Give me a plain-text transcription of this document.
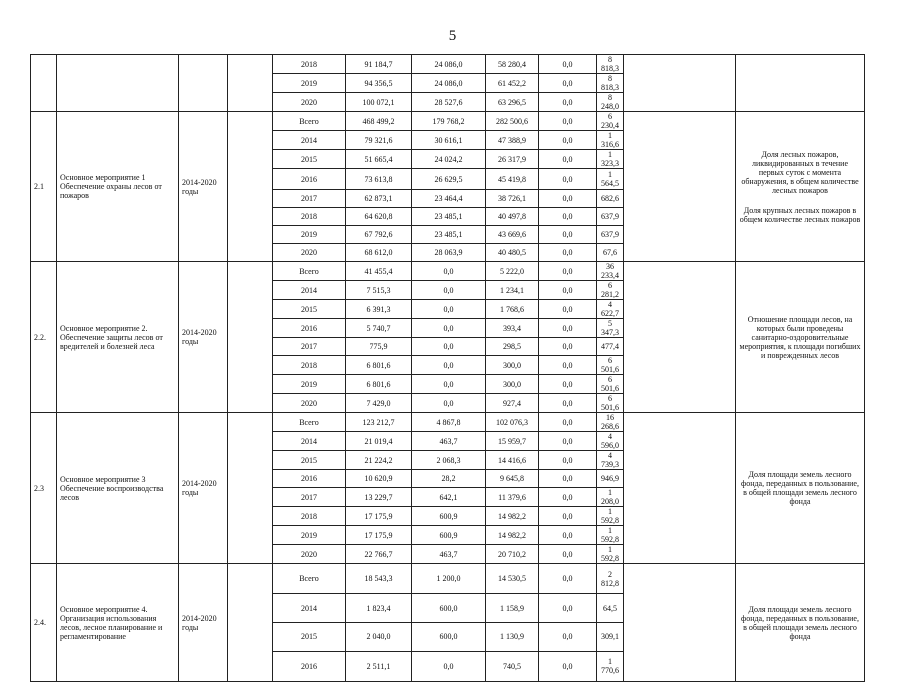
5
				2018	91 184,7	24 086,0	58 280,4	0,0	8 818,3			
				2019	94 356,5	24 086,0	61 452,2	0,0	8 818,3			
				2020	100 072,1	28 527,6	63 296,5	0,0	8 248,0			
2.1	Основное мероприятие 1 Обеспечение охраны лесов от пожаров	2014-2020 годы		Всего	468 499,2	179 768,2	282 500,6	0,0	6 230,4		Доля лесных пожаров, ликвидированных в течение первых суток с момента обнаружения, в общем количестве лесных пожаров
Доля крупных лесных пожаров в общем количестве лесных пожаров

				2014	79 321,6	30 616,1	47 388,9	0,0	1 316,6			
				2015	51 665,4	24 024,2	26 317,9	0,0	1 323,3			
				2016	73 613,8	26 629,5	45 419,8	0,0	1 564,5			
				2017	62 873,1	23 464,4	38 726,1	0,0	682,6			
				2018	64 620,8	23 485,1	40 497,8	0,0	637,9			
				2019	67 792,6	23 485,1	43 669,6	0,0	637,9			
				2020	68 612,0	28 063,9	40 480,5	0,0	67,6			
2.2.	Основное мероприятие 2. Обеспечение защиты лесов от вредителей и болезней леса	2014-2020 годы		Всего	41 455,4	0,0	5 222,0	0,0	36 233,4		Отношение площади лесов, на которых были проведены санитарно-оздоровительные мероприятия, к площади погибших и поврежденных лесов

				2014	7 515,3	0,0	1 234,1	0,0	6 281,2			
				2015	6 391,3	0,0	1 768,6	0,0	4 622,7			
				2016	5 740,7	0,0	393,4	0,0	5 347,3			
				2017	775,9	0,0	298,5	0,0	477,4			
				2018	6 801,6	0,0	300,0	0,0	6 501,6			
				2019	6 801,6	0,0	300,0	0,0	6 501,6			
				2020	7 429,0	0,0	927,4	0,0	6 501,6			
2.3	Основное мероприятие 3 Обеспечение воспроизводства лесов	2014-2020 годы		Всего	123 212,7	4 867,8	102 076,3	0,0	16 268,6		Доля площади земель лесного фонда, переданных в пользование, в общей площади земель лесного фонда

				2014	21 019,4	463,7	15 959,7	0,0	4 596,0			
				2015	21 224,2	2 068,3	14 416,6	0,0	4 739,3			
				2016	10 620,9	28,2	9 645,8	0,0	946,9			
				2017	13 229,7	642,1	11 379,6	0,0	1 208,0			
				2018	17 175,9	600,9	14 982,2	0,0	1 592,8			
				2019	17 175,9	600,9	14 982,2	0,0	1 592,8			
				2020	22 766,7	463,7	20 710,2	0,0	1 592,8			
2.4.	Основное мероприятие 4. Организация использования лесов, лесное планирование и регламентирование	2014-2020 годы		Всего	18 543,3	1 200,0	14 530,5	0,0	2 812,8		Доля площади земель лесного фонда, переданных в пользование, в общей площади земель лесного фонда

				2014	1 823,4	600,0	1 158,9	0,0	64,5			
				2015	2 040,0	600,0	1 130,9	0,0	309,1			
				2016	2 511,1	0,0	740,5	0,0	1 770,6			
